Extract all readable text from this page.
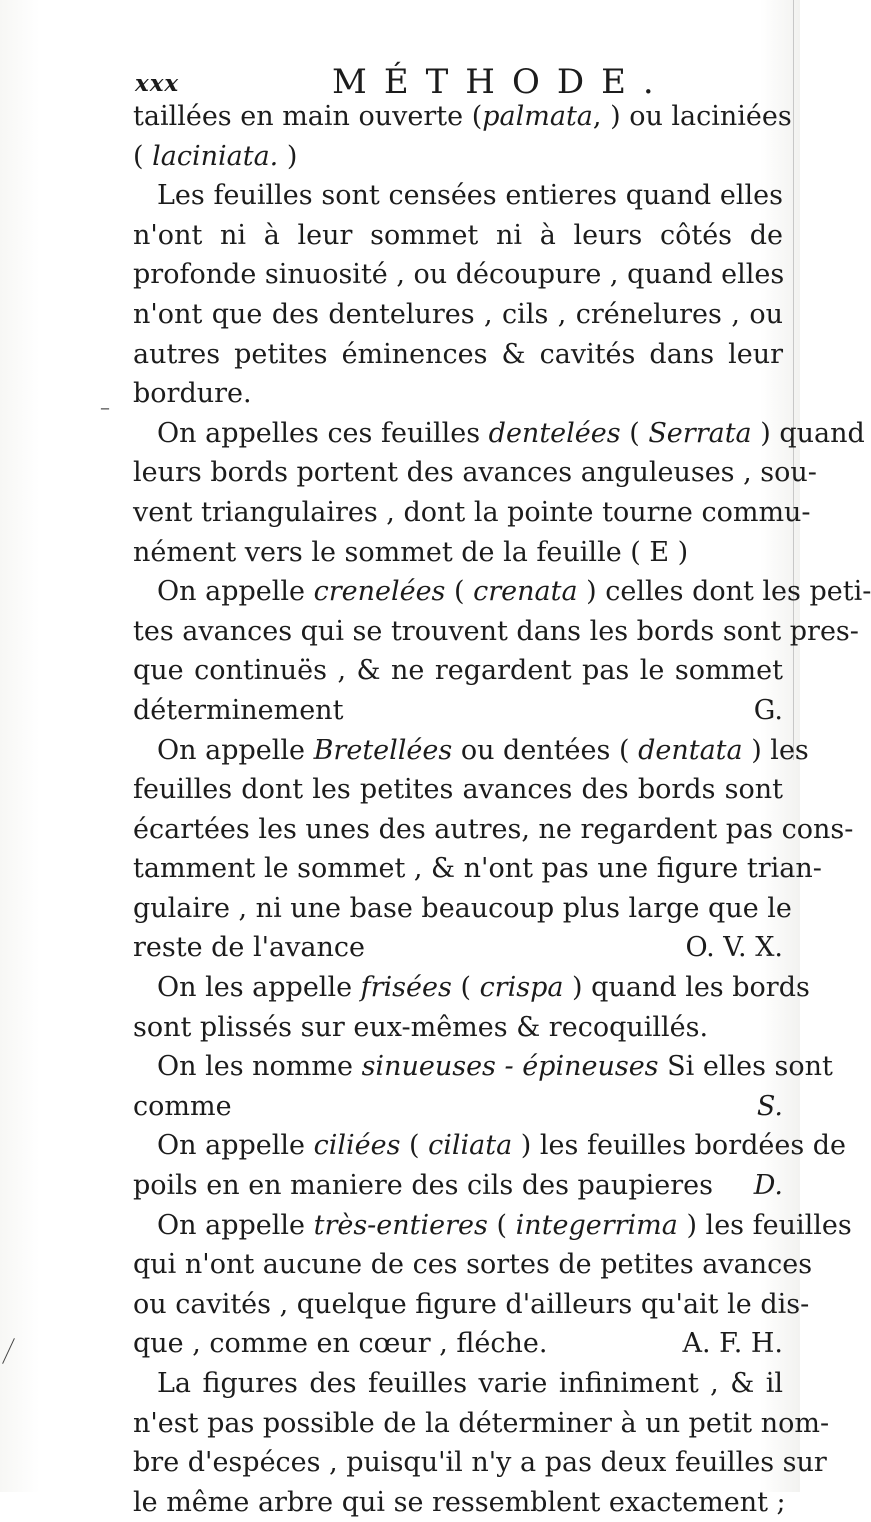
xxx	MÉTHODE.
–
taillées en main ouverte (palmata, ) ou laciniées
( laciniata. )
Les feuilles sont censées entieres quand elles
n'ont ni à leur sommet ni à leurs côtés de
profonde sinuosité , ou découpure , quand elles
n'ont que des dentelures , cils , crénelures , ou
autres petites éminences & cavités dans leur
bordure.
On appelles ces feuilles dentelées ( Serrata ) quand
leurs bords portent des avances anguleuses , sou-
vent triangulaires , dont la pointe tourne commu-
nément vers le sommet de la feuille ( E )
On appelle crenelées ( crenata ) celles dont les peti-
tes avances qui se trouvent dans les bords sont pres-
que continuës , & ne regardent pas le sommet
déterminement	G.
On appelle Bretellées ou dentées ( dentata ) les
feuilles dont les petites avances des bords sont
écartées les unes des autres, ne regardent pas cons-
tamment le sommet , & n'ont pas une figure trian-
gulaire , ni une base beaucoup plus large que le
reste de l'avance	O. V. X.
On les appelle frisées ( crispa ) quand les bords
sont plissés sur eux-mêmes & recoquillés.
On les nomme sinueuses - épineuses Si elles sont
comme	S.
On appelle ciliées ( ciliata ) les feuilles bordées de
poils en en maniere des cils des paupieres D.
On appelle très-entieres ( integerrima ) les feuilles
qui n'ont aucune de ces sortes de petites avances
ou cavités , quelque figure d'ailleurs qu'ait le dis-
que , comme en cœur , fléche.	A. F. H.
La figures des feuilles varie infiniment , & il
n'est pas possible de la déterminer à un petit nom-
bre d'espéces , puisqu'il n'y a pas deux feuilles sur
le même arbre qui se ressemblent exactement ;
